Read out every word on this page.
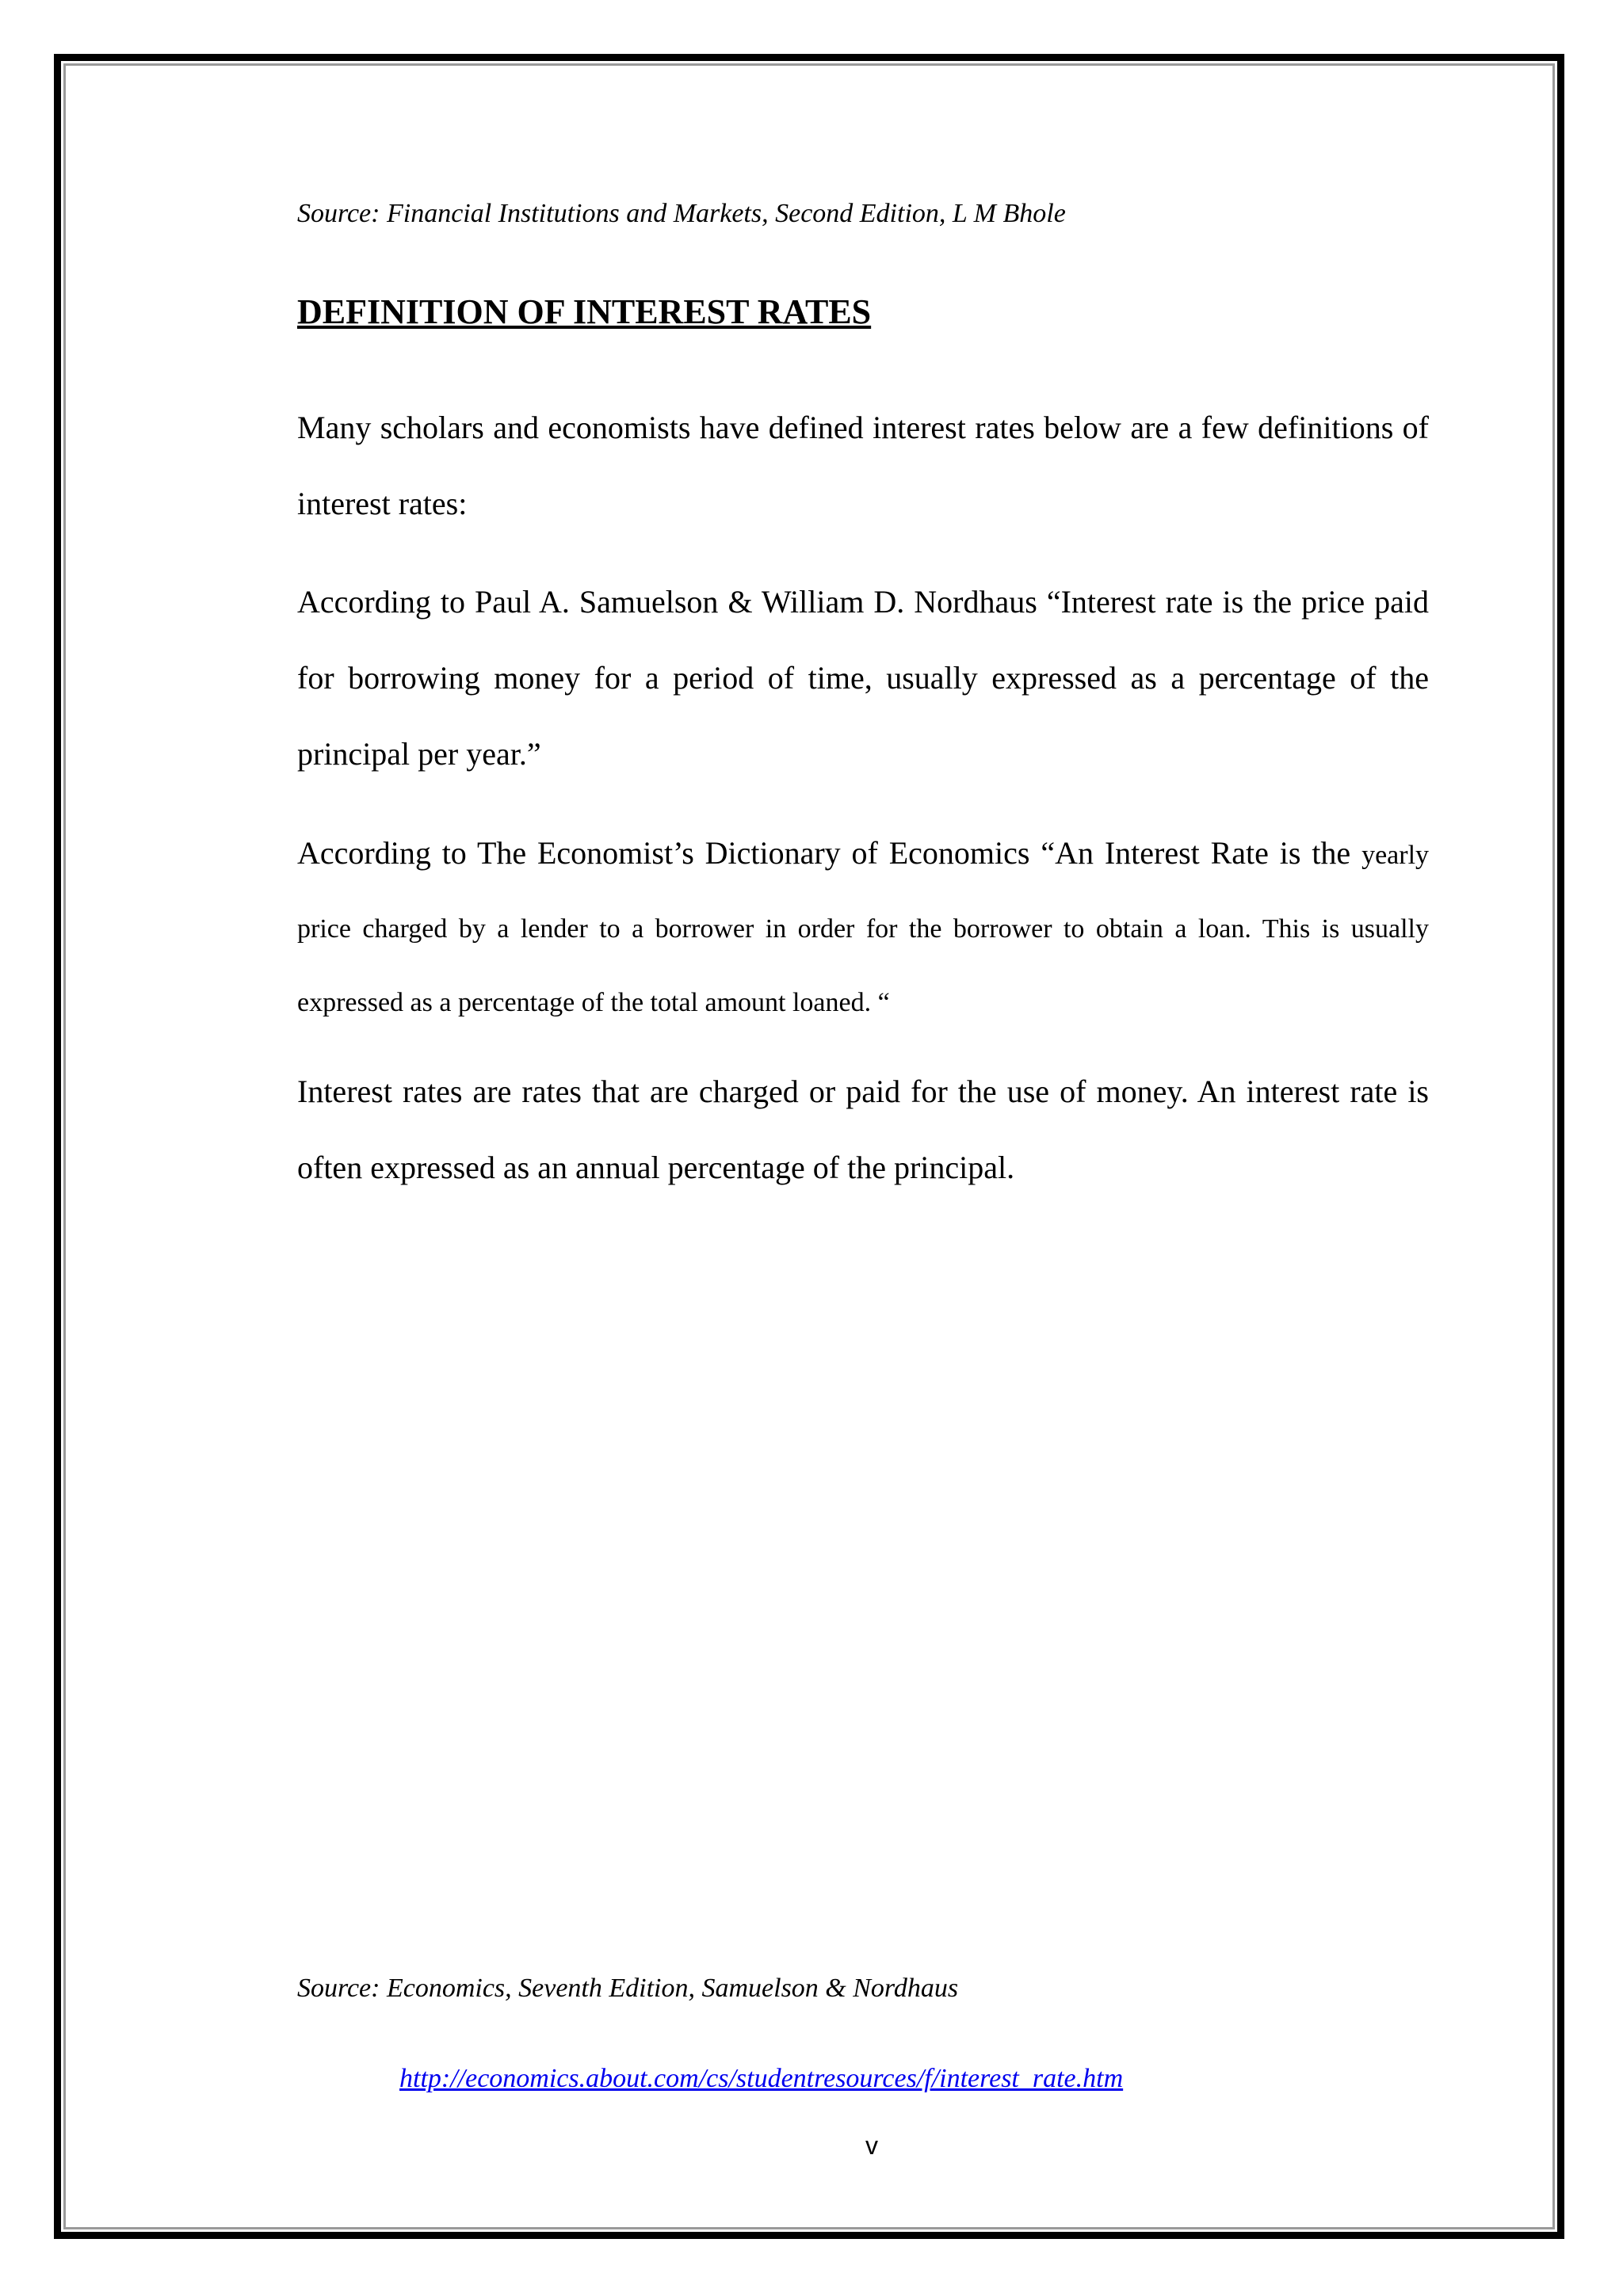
Source: Financial Institutions and Markets, Second Edition, L M Bhole
DEFINITION OF INTEREST RATES
Many scholars and economists have defined interest rates below are a few definitions of interest rates:
According to Paul A. Samuelson & William D. Nordhaus “Interest rate is the price paid for borrowing money for a period of time, usually expressed as a percentage of the principal per year.”
According to The Economist’s Dictionary of Economics “An Interest Rate is the yearly price charged by a lender to a borrower in order for the borrower to obtain a loan. This is usually expressed as a percentage of the total amount loaned. “
Interest rates are rates that are charged or paid for the use of money. An interest rate is often expressed as an annual percentage of the principal.
Source: Economics, Seventh Edition, Samuelson & Nordhaus
http://economics.about.com/cs/studentresources/f/interest_rate.htm
v
